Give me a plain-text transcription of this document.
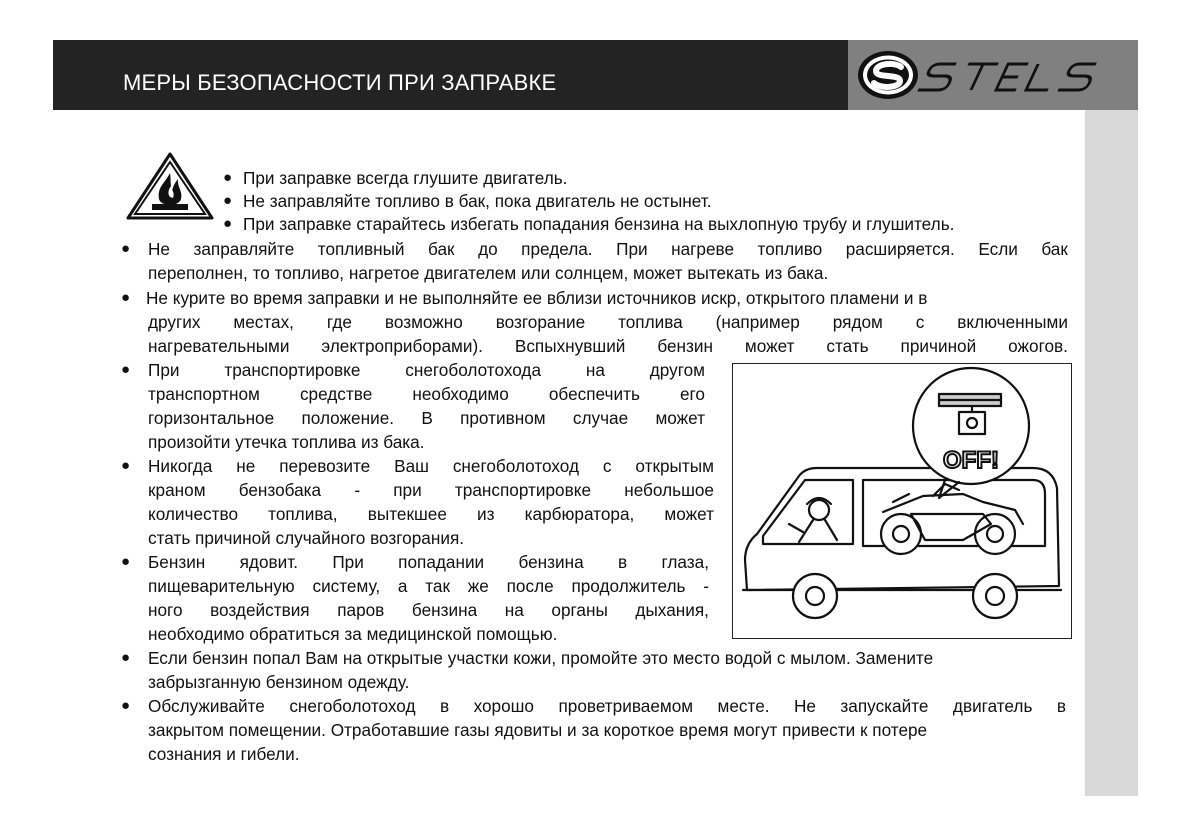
МЕРЫ БЕЗОПАСНОСТИ ПРИ ЗАПРАВКЕ
● При заправке всегда глушите двигатель.
● Не заправляйте топливо в бак, пока двигатель не остынет.
● При заправке старайтесь избегать попадания бензина на выхлопную трубу и глушитель.
● Не заправляйте топливный бак до предела. При нагреве топливо расширяется. Если бак
переполнен, то топливо, нагретое двигателем или солнцем, может вытекать из бака.
● Не курите во время заправки и не выполняйте ее вблизи источников искр, открытого пламени и в
других местах, где возможно возгорание топлива (например рядом с включенными
нагревательными электроприборами). Вспыхнувший бензин может стать причиной ожогов.
● При	транспортировке	снегоболотохода	на	другом
транспортном средстве необходимо обеспечить его
горизонтальное положение. В противном случае может
произойти утечка топлива из бака.
● Никогда не перевозите Ваш снегоболотоход с открытым
краном бензобака - при транспортировке небольшое
количество топлива, вытекшее из карбюратора, может
стать причиной случайного возгорания.
● Бензин ядовит. При попадании бензина в глаза,
пищеварительную систему, а так же после продолжитель -
ного воздействия паров бензина на органы дыхания,
необходимо обратиться за медицинской помощью.
● Если бензин попал Вам на открытые участки кожи, промойте это место водой с мылом. Замените
забрызганную бензином одежду.
● Обслуживайте снегоболотоход в хорошо проветриваемом месте. Не запускайте двигатель в
закрытом помещении. Отработавшие газы ядовиты и за короткое время могут привести к потере
сознания и гибели.
OFF!
